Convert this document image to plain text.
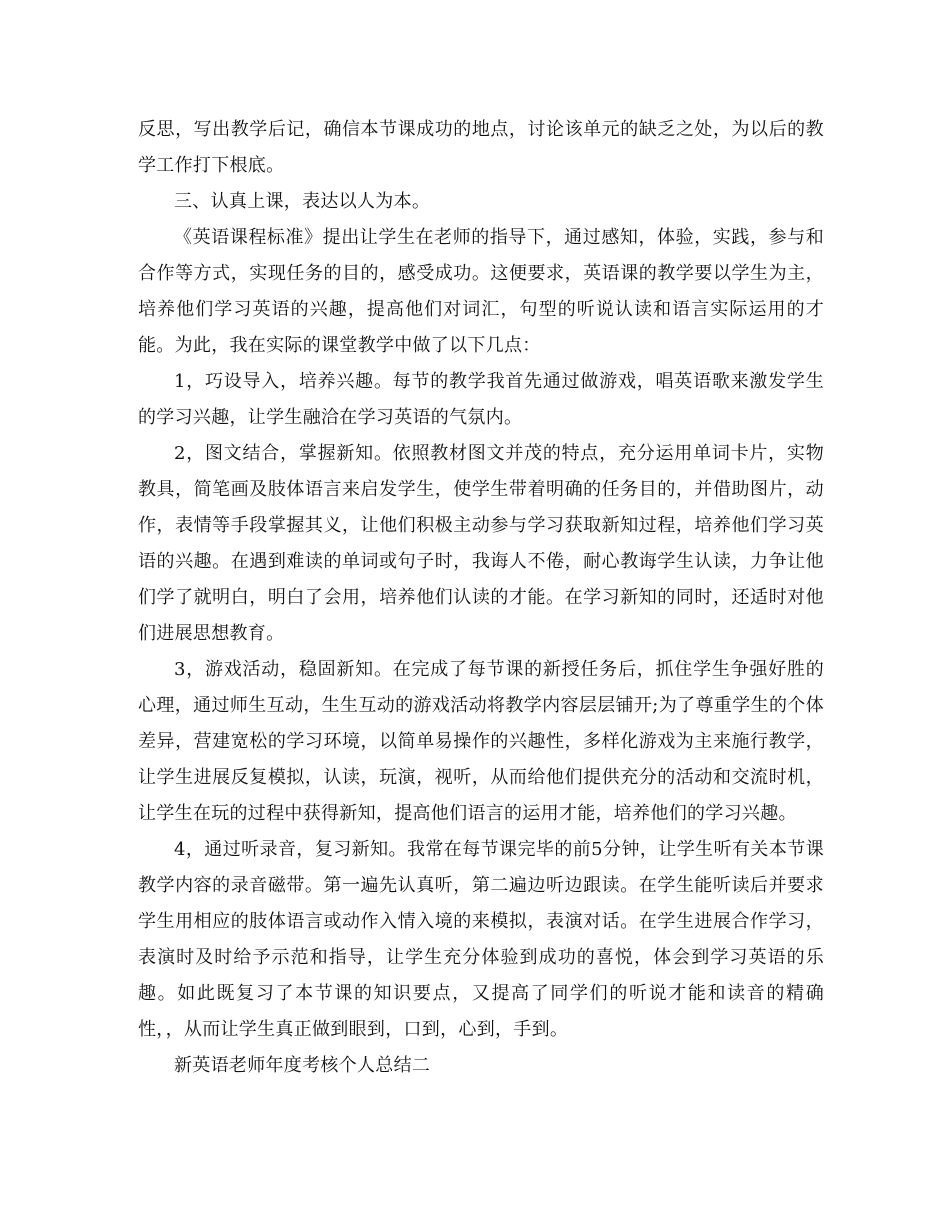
反思，写出教学后记，确信本节课成功的地点，讨论该单元的缺乏之处，为以后的教学工作打下根底。

三、认真上课，表达以人为本。

《英语课程标准》提出让学生在老师的指导下，通过感知，体验，实践，参与和合作等方式，实现任务的目的，感受成功。这便要求，英语课的教学要以学生为主，培养他们学习英语的兴趣，提高他们对词汇，句型的听说认读和语言实际运用的才能。为此，我在实际的课堂教学中做了以下几点：

1，巧设导入，培养兴趣。每节的教学我首先通过做游戏，唱英语歌来激发学生的学习兴趣，让学生融洽在学习英语的气氛内。

2，图文结合，掌握新知。依照教材图文并茂的特点，充分运用单词卡片，实物教具，简笔画及肢体语言来启发学生，使学生带着明确的任务目的，并借助图片，动作，表情等手段掌握其义，让他们积极主动参与学习获取新知过程，培养他们学习英语的兴趣。在遇到难读的单词或句子时，我诲人不倦，耐心教诲学生认读，力争让他们学了就明白，明白了会用，培养他们认读的才能。在学习新知的同时，还适时对他们进展思想教育。

3，游戏活动，稳固新知。在完成了每节课的新授任务后，抓住学生争强好胜的心理，通过师生互动，生生互动的游戏活动将教学内容层层铺开;为了尊重学生的个体差异，营建宽松的学习环境，以简单易操作的兴趣性，多样化游戏为主来施行教学，让学生进展反复模拟，认读，玩演，视听，从而给他们提供充分的活动和交流时机，让学生在玩的过程中获得新知，提高他们语言的运用才能，培养他们的学习兴趣。

4，通过听录音，复习新知。我常在每节课完毕的前5分钟，让学生听有关本节课教学内容的录音磁带。第一遍先认真听，第二遍边听边跟读。在学生能听读后并要求学生用相应的肢体语言或动作入情入境的来模拟，表演对话。在学生进展合作学习，表演时及时给予示范和指导，让学生充分体验到成功的喜悦，体会到学习英语的乐趣。如此既复习了本节课的知识要点，又提高了同学们的听说才能和读音的精确性，，从而让学生真正做到眼到，口到，心到，手到。

新英语老师年度考核个人总结二
